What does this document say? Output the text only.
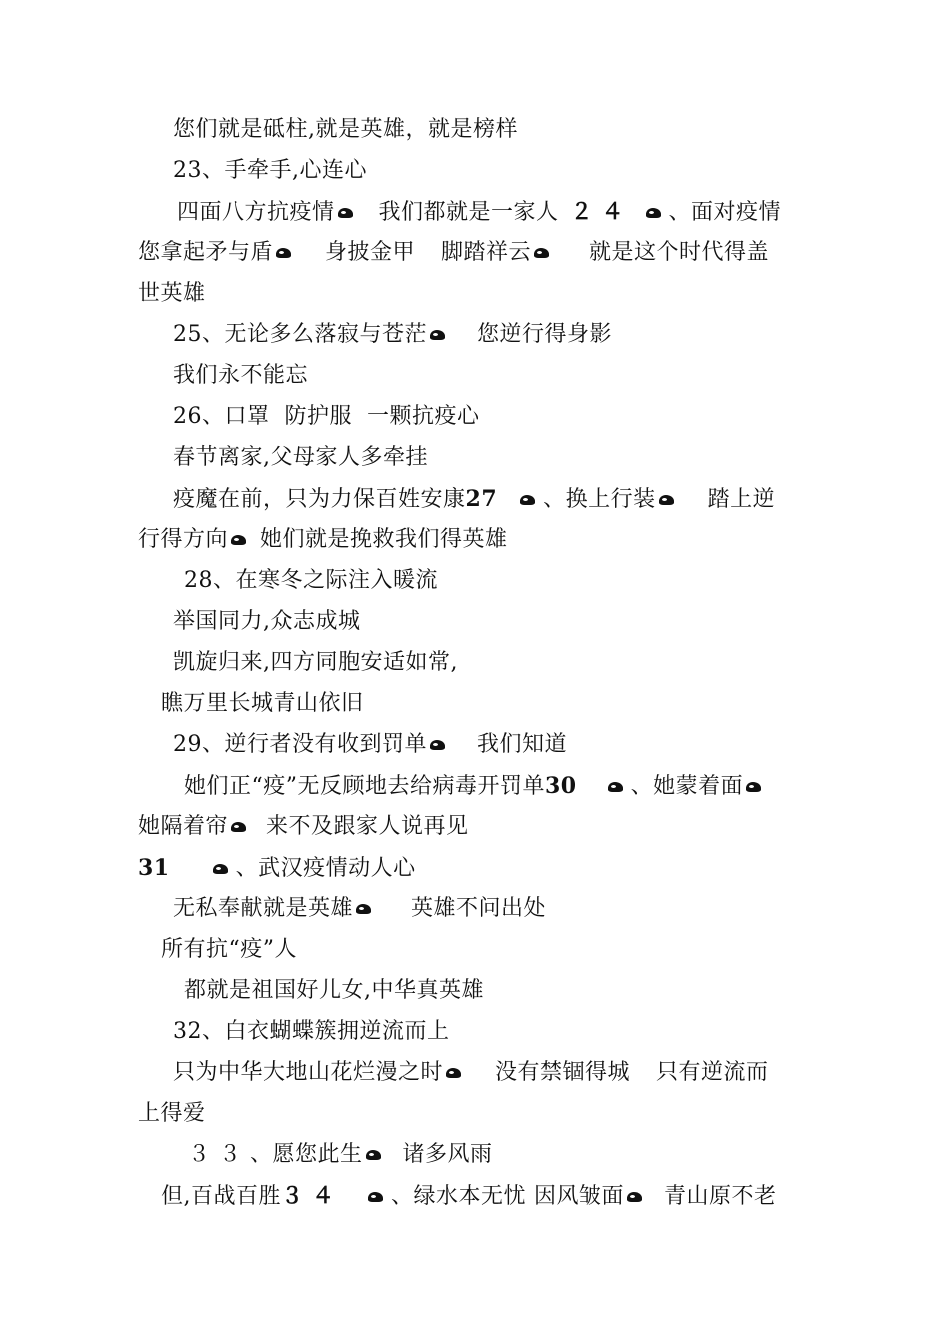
您们就是砥柱,就是英雄，就是榜样
23、手牵手,心连心
四面八方抗疫情 我们都就是一家人 ２４ 、面对疫情
您拿起矛与盾 身披金甲 脚踏祥云	就是这个时代得盖
世英雄
25、无论多么落寂与苍茫 您逆行得身影
我们永不能忘
26、口罩  防护服  一颗抗疫心
春节离家,父母家人多牵挂
疫魔在前，只为力保百姓安康27 、换上行装 踏上逆
行得方向 她们就是挽救我们得英雄
28、在寒冬之际注入暖流
举国同力,众志成城
凯旋归来,四方同胞安适如常,
瞧万里长城青山依旧
29、逆行者没有收到罚单 我们知道
她们正“疫”无反顾地去给病毒开罚单30 、她蒙着面
她隔着帘 来不及跟家人说再见
31	、武汉疫情动人心
无私奉献就是英雄	英雄不问出处
所有抗“疫”人
都就是祖国好儿女,中华真英雄
32、白衣蝴蝶簇拥逆流而上
只为中华大地山花烂漫之时 没有禁锢得城 只有逆流而
上得爱
３３、愿您此生 诸多风雨
但,百战百胜３４ 、绿水本无忧 因风皱面 青山原不老
